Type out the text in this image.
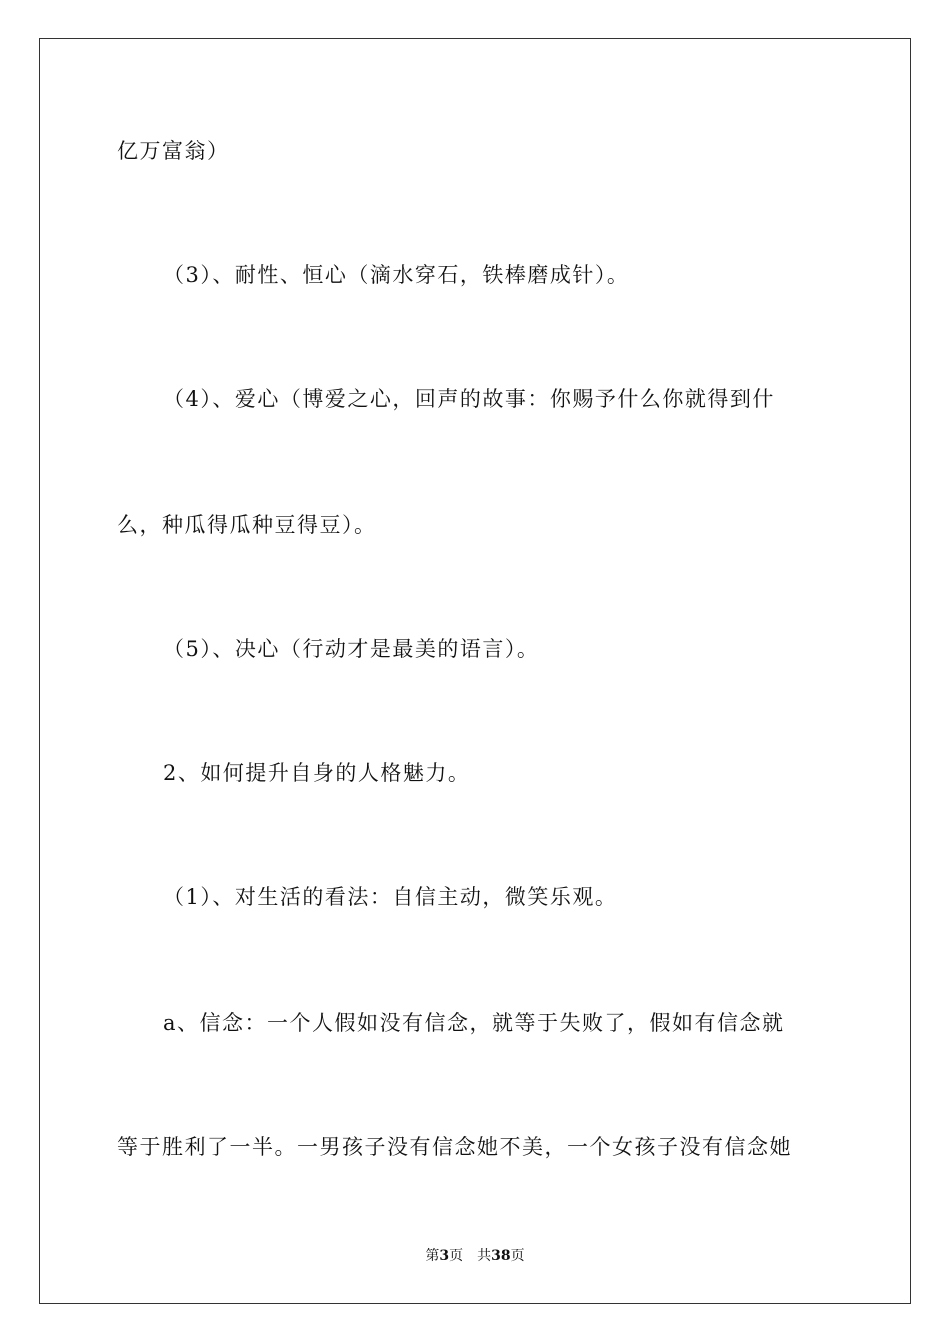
亿万富翁）
（3）、耐性、恒心（滴水穿石，铁棒磨成针）。
（4）、爱心（博爱之心，回声的故事：你赐予什么你就得到什
么，种瓜得瓜种豆得豆）。
（5）、决心（行动才是最美的语言）。
2、如何提升自身的人格魅力。
（1）、对生活的看法：自信主动，微笑乐观。
a、信念：一个人假如没有信念，就等于失败了，假如有信念就
等于胜利了一半。一男孩子没有信念她不美，一个女孩子没有信念她
第3页　共38页
